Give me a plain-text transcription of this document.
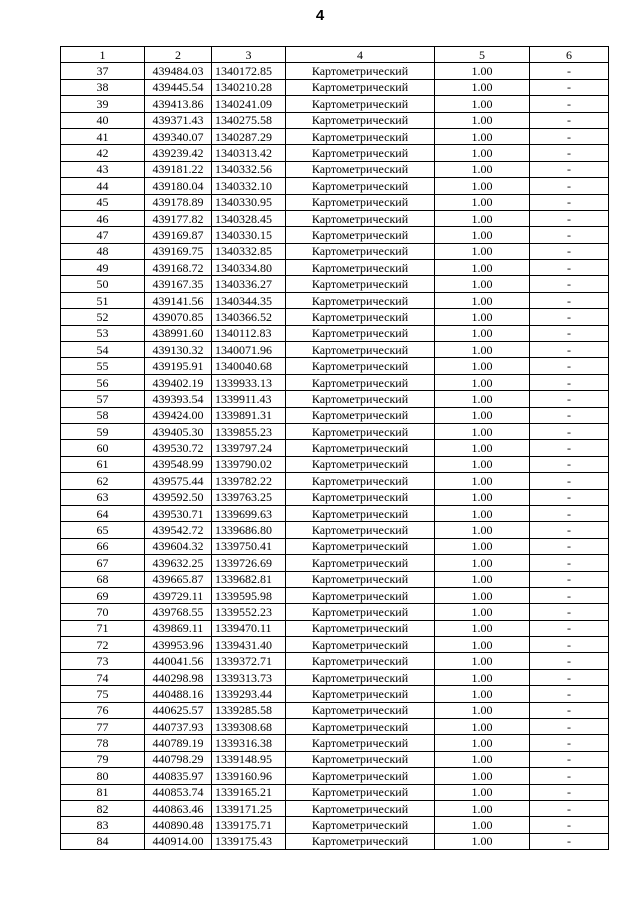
4
1	2	3	4	5	6
37	439484.03	1340172.85	Картометрический	1.00	-
38	439445.54	1340210.28	Картометрический	1.00	-
39	439413.86	1340241.09	Картометрический	1.00	-
40	439371.43	1340275.58	Картометрический	1.00	-
41	439340.07	1340287.29	Картометрический	1.00	-
42	439239.42	1340313.42	Картометрический	1.00	-
43	439181.22	1340332.56	Картометрический	1.00	-
44	439180.04	1340332.10	Картометрический	1.00	-
45	439178.89	1340330.95	Картометрический	1.00	-
46	439177.82	1340328.45	Картометрический	1.00	-
47	439169.87	1340330.15	Картометрический	1.00	-
48	439169.75	1340332.85	Картометрический	1.00	-
49	439168.72	1340334.80	Картометрический	1.00	-
50	439167.35	1340336.27	Картометрический	1.00	-
51	439141.56	1340344.35	Картометрический	1.00	-
52	439070.85	1340366.52	Картометрический	1.00	-
53	438991.60	1340112.83	Картометрический	1.00	-
54	439130.32	1340071.96	Картометрический	1.00	-
55	439195.91	1340040.68	Картометрический	1.00	-
56	439402.19	1339933.13	Картометрический	1.00	-
57	439393.54	1339911.43	Картометрический	1.00	-
58	439424.00	1339891.31	Картометрический	1.00	-
59	439405.30	1339855.23	Картометрический	1.00	-
60	439530.72	1339797.24	Картометрический	1.00	-
61	439548.99	1339790.02	Картометрический	1.00	-
62	439575.44	1339782.22	Картометрический	1.00	-
63	439592.50	1339763.25	Картометрический	1.00	-
64	439530.71	1339699.63	Картометрический	1.00	-
65	439542.72	1339686.80	Картометрический	1.00	-
66	439604.32	1339750.41	Картометрический	1.00	-
67	439632.25	1339726.69	Картометрический	1.00	-
68	439665.87	1339682.81	Картометрический	1.00	-
69	439729.11	1339595.98	Картометрический	1.00	-
70	439768.55	1339552.23	Картометрический	1.00	-
71	439869.11	1339470.11	Картометрический	1.00	-
72	439953.96	1339431.40	Картометрический	1.00	-
73	440041.56	1339372.71	Картометрический	1.00	-
74	440298.98	1339313.73	Картометрический	1.00	-
75	440488.16	1339293.44	Картометрический	1.00	-
76	440625.57	1339285.58	Картометрический	1.00	-
77	440737.93	1339308.68	Картометрический	1.00	-
78	440789.19	1339316.38	Картометрический	1.00	-
79	440798.29	1339148.95	Картометрический	1.00	-
80	440835.97	1339160.96	Картометрический	1.00	-
81	440853.74	1339165.21	Картометрический	1.00	-
82	440863.46	1339171.25	Картометрический	1.00	-
83	440890.48	1339175.71	Картометрический	1.00	-
84	440914.00	1339175.43	Картометрический	1.00	-
